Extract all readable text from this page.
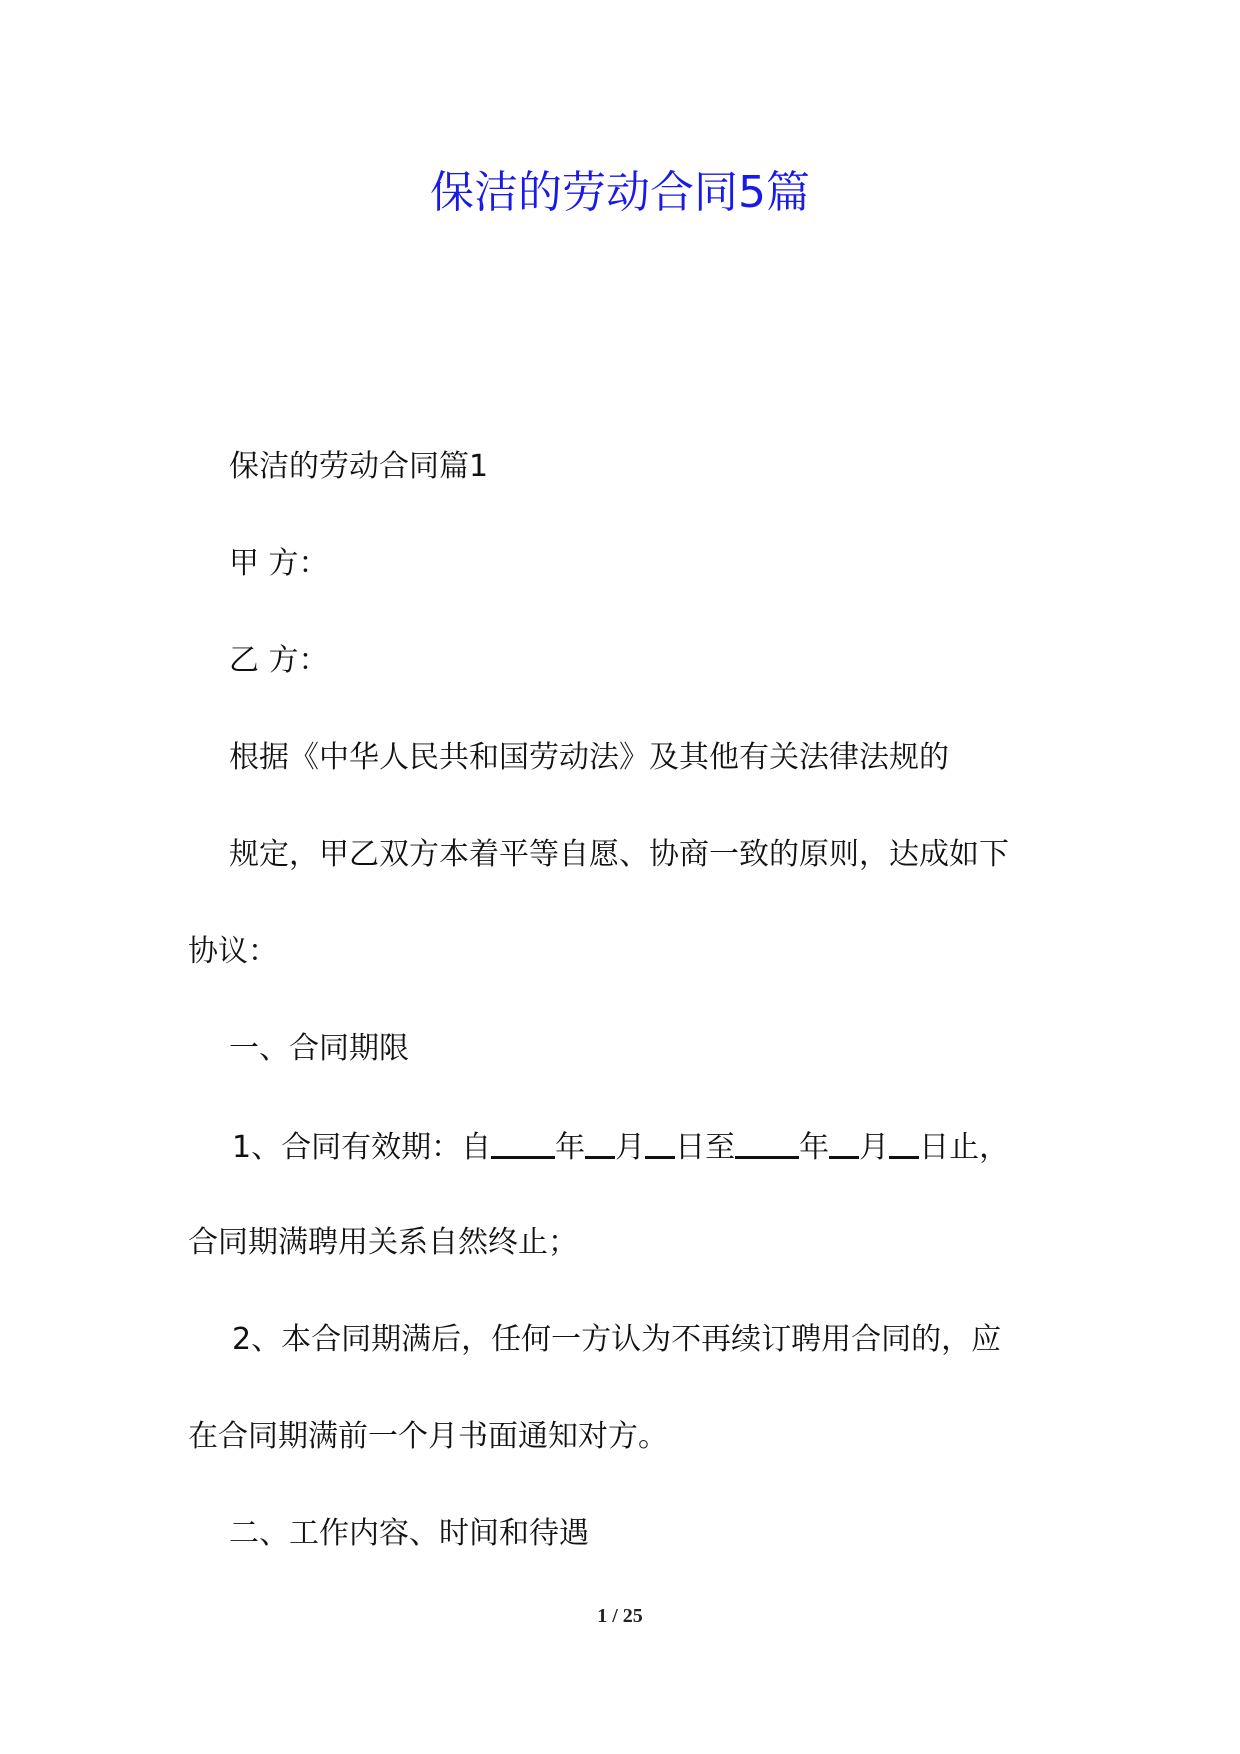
保洁的劳动合同5篇
保洁的劳动合同篇1
甲 方：
乙 方：
根据《中华人民共和国劳动法》及其他有关法律法规的
规定，甲乙双方本着平等自愿、协商一致的原则，达成如下
协议：
一、合同期限
1、合同有效期：自 年 月 日至 年 月 日止，
合同期满聘用关系自然终止；
2、本合同期满后，任何一方认为不再续订聘用合同的，应
在合同期满前一个月书面通知对方。
二、工作内容、时间和待遇
1 / 25
